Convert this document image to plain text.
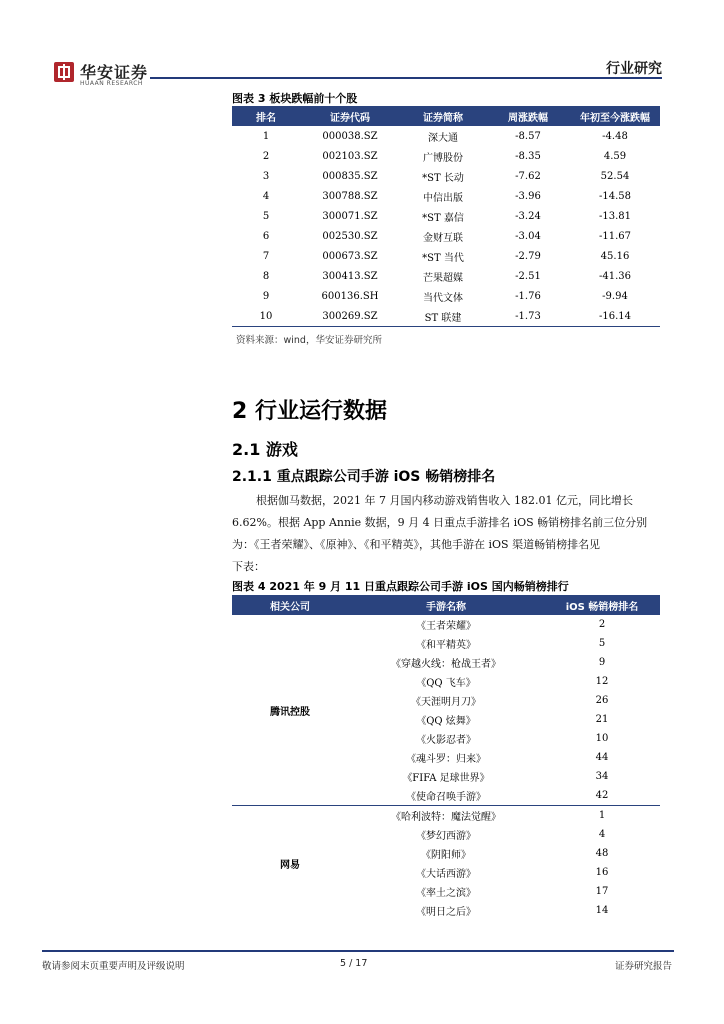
华安证券
HUAAN RESEARCH
行业研究
图表 3 板块跌幅前十个股
排名	证券代码	证券简称	周涨跌幅	年初至今涨跌幅
1	000038.SZ	深大通	-8.57	-4.48
2	002103.SZ	广博股份	-8.35	4.59
3	000835.SZ	*ST 长动	-7.62	52.54
4	300788.SZ	中信出版	-3.96	-14.58
5	300071.SZ	*ST 嘉信	-3.24	-13.81
6	002530.SZ	金财互联	-3.04	-11.67
7	000673.SZ	*ST 当代	-2.79	45.16
8	300413.SZ	芒果超媒	-2.51	-41.36
9	600136.SH	当代文体	-1.76	-9.94
10	300269.SZ	ST 联建	-1.73	-16.14
资料来源：wind，华安证券研究所
2 行业运行数据
2.1 游戏
2.1.1 重点跟踪公司手游 iOS 畅销榜排名
根据伽马数据，2021 年 7 月国内移动游戏销售收入 182.01 亿元，同比增长
6.62%。根据 App Annie 数据，9 月 4 日重点手游排名 iOS 畅销榜排名前三位分别
为：《王者荣耀》、《原神》、《和平精英》，其他手游在 iOS 渠道畅销榜排名见
下表：
图表 4 2021 年 9 月 11 日重点跟踪公司手游 iOS 国内畅销榜排行
相关公司	手游名称	iOS 畅销榜排名
腾讯控股	《王者荣耀》	2
	《和平精英》	5
	《穿越火线：枪战王者》	9
	《QQ 飞车》	12
	《天涯明月刀》	26
	《QQ 炫舞》	21
	《火影忍者》	10
	《魂斗罗：归来》	44
	《FIFA 足球世界》	34
	《使命召唤手游》	42
网易	《哈利波特：魔法觉醒》	1
	《梦幻西游》	4
	《阴阳师》	48
	《大话西游》	16
	《率土之滨》	17
	《明日之后》	14
敬请参阅末页重要声明及评级说明	5 / 17	证券研究报告
